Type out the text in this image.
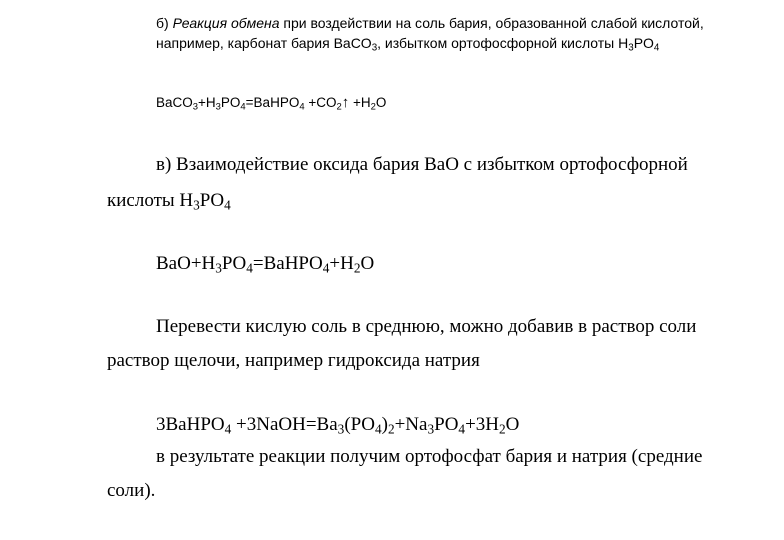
б) Реакция обмена при воздействии на соль бария, образованной слабой кислотой,
например, карбонат бария BaCO$_3$, избытком ортофосфорной кислоты $H_3PO_4$
$BaCO_3+H_3PO_4=BaHPO_4$ $+CO_2↑ +H_2O$
в) Взаимодействие оксида бария ВаО с избытком ортофосфорной
кислоты $H_3PO_4$
$BaO+H_3PO_4=BaHPO_4+H_2O$
Перевести кислую соль в среднюю, можно добавив в раствор соли
раствор щелочи, например гидроксида натрия
3BaHPO$_4$ $+3NaOH=Ba_3(PO_4)_2+Na_3PO_4+3H_2O$
в результате реакции получим ортофосфат бария и натрия (средние
соли).
